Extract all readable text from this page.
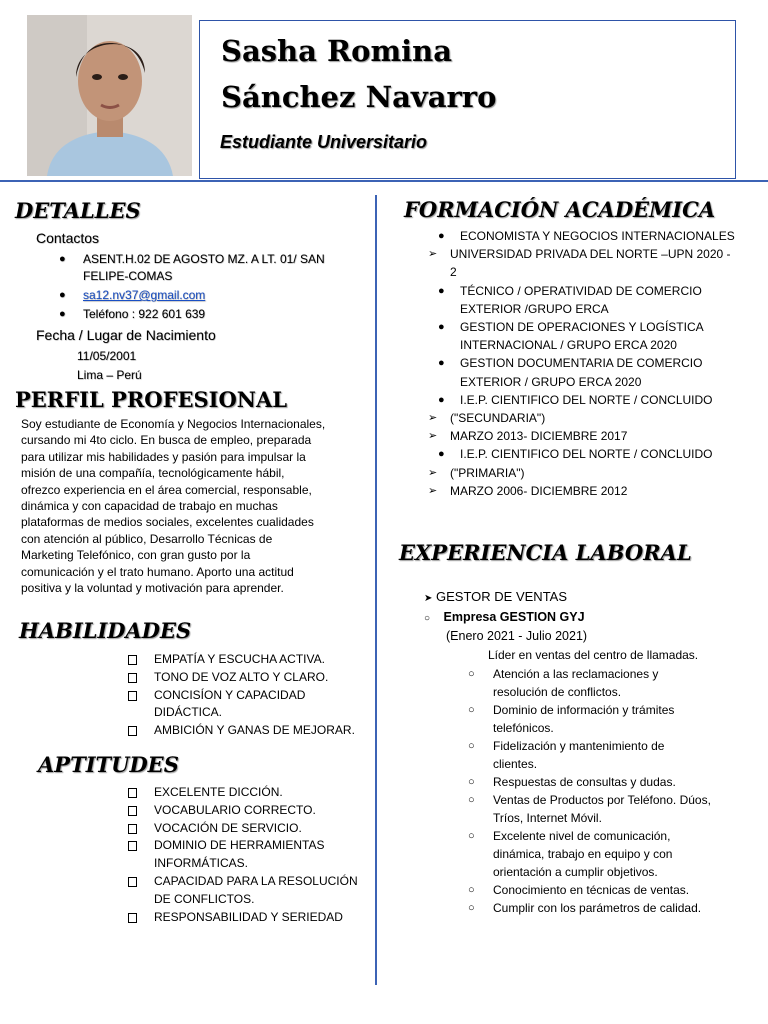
Sasha Romina
Sánchez Navarro
Estudiante Universitario
DETALLES
Contactos
● ASENT.H.02 DE AGOSTO MZ. A LT. 01/ SAN
FELIPE-COMAS
● sa12.nv37@gmail.com
● Teléfono : 922 601 639
Fecha / Lugar de Nacimiento
11/05/2001
Lima – Perú
PERFIL PROFESIONAL
Soy estudiante de Economía y Negocios Internacionales,
cursando mi 4to ciclo. En busca de empleo, preparada
para utilizar mis habilidades y pasión para impulsar la
misión de una compañía, tecnológicamente hábil,
ofrezco experiencia en el área comercial, responsable,
dinámica y con capacidad de trabajo en muchas
plataformas de medios sociales, excelentes cualidades
con atención al público, Desarrollo Técnicas de
Marketing Telefónico, con gran gusto por la
comunicación y el trato humano. Aporto una actitud
positiva y la voluntad y motivación para aprender.
HABILIDADES
EMPATÍA Y ESCUCHA ACTIVA.
TONO DE VOZ ALTO Y CLARO.
CONCISÍON Y CAPACIDAD
DIDÁCTICA.
AMBICIÓN Y GANAS DE MEJORAR.
APTITUDES
EXCELENTE DICCIÓN.
VOCABULARIO CORRECTO.
VOCACIÓN DE SERVICIO.
DOMINIO DE HERRAMIENTAS
INFORMÁTICAS.
CAPACIDAD PARA LA RESOLUCIÓN
DE CONFLICTOS.
RESPONSABILIDAD Y SERIEDAD
FORMACIÓN ACADÉMICA
● ECONOMISTA Y NEGOCIOS INTERNACIONALES
➢ UNIVERSIDAD PRIVADA DEL NORTE –UPN 2020 -
2
● TÉCNICO / OPERATIVIDAD DE COMERCIO
EXTERIOR /GRUPO ERCA
● GESTION DE OPERACIONES Y LOGÍSTICA
INTERNACIONAL / GRUPO ERCA 2020
● GESTION DOCUMENTARIA DE COMERCIO
EXTERIOR / GRUPO ERCA 2020
● I.E.P. CIENTIFICO DEL NORTE / CONCLUIDO
➢ ("SECUNDARIA")
➢ MARZO 2013- DICIEMBRE 2017
● I.E.P. CIENTIFICO DEL NORTE / CONCLUIDO
➢ ("PRIMARIA")
➢ MARZO 2006- DICIEMBRE 2012
EXPERIENCIA LABORAL
➤ GESTOR DE VENTAS
○ Empresa GESTION GYJ
(Enero 2021 - Julio 2021)
Líder en ventas del centro de llamadas.
○ Atención a las reclamaciones y
resolución de conflictos.
○ Dominio de información y trámites
telefónicos.
○ Fidelización y mantenimiento de
clientes.
○ Respuestas de consultas y dudas.
○ Ventas de Productos por Teléfono. Dúos,
Tríos, Internet Móvil.
○ Excelente nivel de comunicación,
dinámica, trabajo en equipo y con
orientación a cumplir objetivos.
○ Conocimiento en técnicas de ventas.
○ Cumplir con los parámetros de calidad.
